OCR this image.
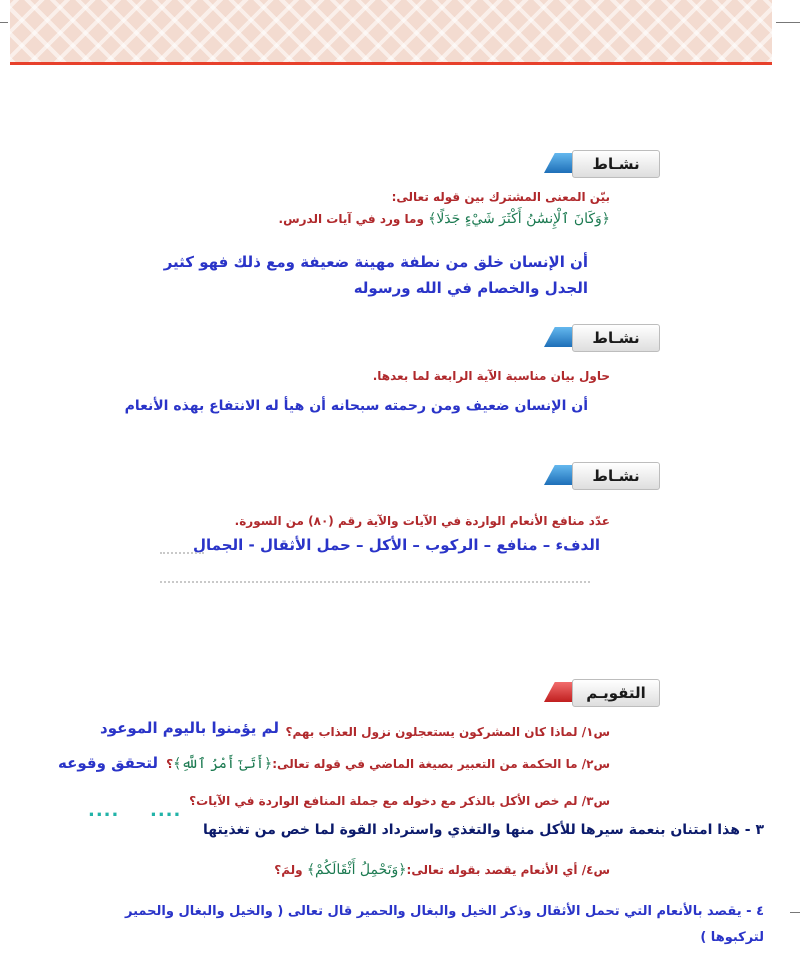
نشـاط
بيّن المعنى المشترك بين قوله تعالى:
﴿وَكَانَ ٱلْإِنسَٰنُ أَكْثَرَ شَيْءٍ جَدَلًا﴾ وما ورد في آيات الدرس.
أن الإنسان خلق من نطفة مهينة ضعيفة ومع ذلك فهو كثير
الجدل والخصام في الله ورسوله
نشـاط
حاول بيان مناسبة الآية الرابعة لما بعدها.
أن الإنسان ضعيف ومن رحمته سبحانه أن هيأ له الانتفاع بهذه الأنعام
نشـاط
عدّد منافع الأنعام الواردة في الآيات والآية رقم (٨٠) من السورة.
الدفء – منافع – الركوب – الأكل – حمل الأثقال - الجمال
التقويـم
س١/ لماذا كان المشركون يستعجلون نزول العذاب بهم؟
لم يؤمنوا باليوم الموعود
س٢/ ما الحكمة من التعبير بصيغة الماضي في قوله تعالى:﴿أَتَىٰٓ أَمْرُ ٱللَّهِ﴾؟
لتحقق وقوعه
س٣/ لم خص الأكل بالذكر مع دخوله مع جملة المنافع الواردة في الآيات؟
.... ....
٣ - هذا امتنان بنعمة سيرها للأكل منها والتغذي واسترداد القوة لما خص من تغذيتها
س٤/ أي الأنعام يقصد بقوله تعالى:﴿وَتَحْمِلُ أَثْقَالَكُمْ﴾ ولمَ؟
٤ - يقصد بالأنعام التي تحمل الأثقال وذكر الخيل والبغال والحمير قال تعالى ( والخيل والبغال والحمير
لتركبوها )
